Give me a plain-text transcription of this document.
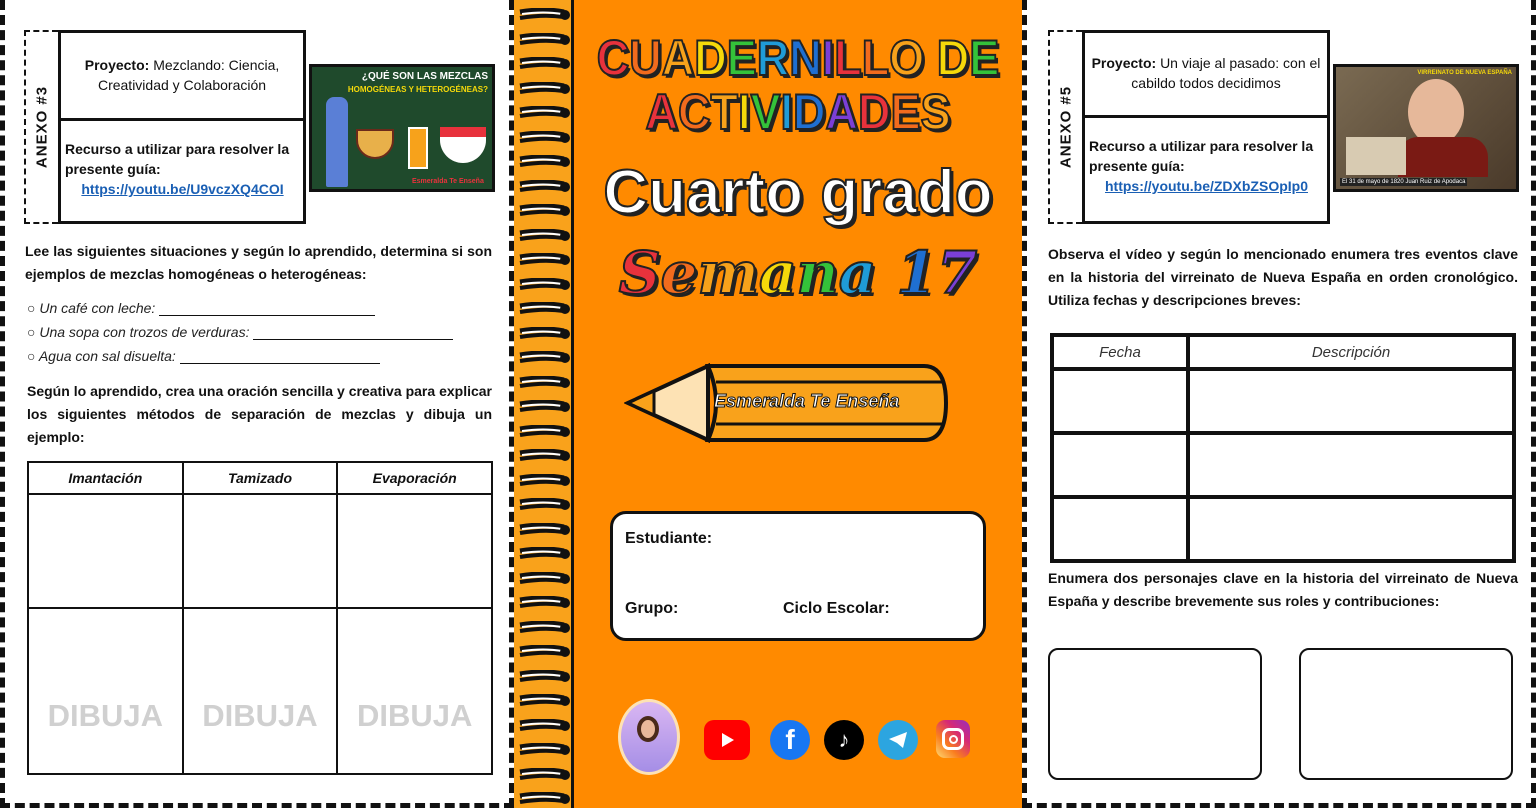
ANEXO #3
Proyecto: Mezclando: Ciencia, Creatividad y Colaboración
Recurso a utilizar para resolver la presente guía:
https://youtu.be/U9vczXQ4COI
¿QUÉ SON LAS MEZCLAS
HOMOGÉNEAS Y HETEROGÉNEAS?
Esmeralda Te Enseña
Lee las siguientes situaciones y según lo aprendido, determina si son ejemplos de mezclas homogéneas o heterogéneas:
○ Un café con leche:
○ Una sopa con trozos de verduras:
○ Agua con sal disuelta:
Según lo aprendido, crea una oración sencilla y creativa para explicar los siguientes métodos de separación de mezclas y dibuja un ejemplo:
Imantación	Tamizado	Evaporación

DIBUJA	DIBUJA	DIBUJA
CUADERNILLO DE
ACTIVIDADES
Cuarto grado
Semana 17
Esmeralda Te Enseña
Estudiante:
Grupo:	Ciclo Escolar:
f	♪
ANEXO #5
Proyecto: Un viaje al pasado: con el cabildo todos decidimos
Recurso a utilizar para resolver la presente guía:
https://youtu.be/ZDXbZSOpIp0
VIRREINATO DE NUEVA ESPAÑA
El 31 de mayo de 1820 Juan Ruiz de Apodaca
Observa el vídeo y según lo mencionado enumera tres eventos clave en la historia del virreinato de Nueva España en orden cronológico. Utiliza fechas y descripciones breves:
Fecha	Descripción

Enumera dos personajes clave en la historia del virreinato de Nueva España y describe brevemente sus roles y contribuciones:
